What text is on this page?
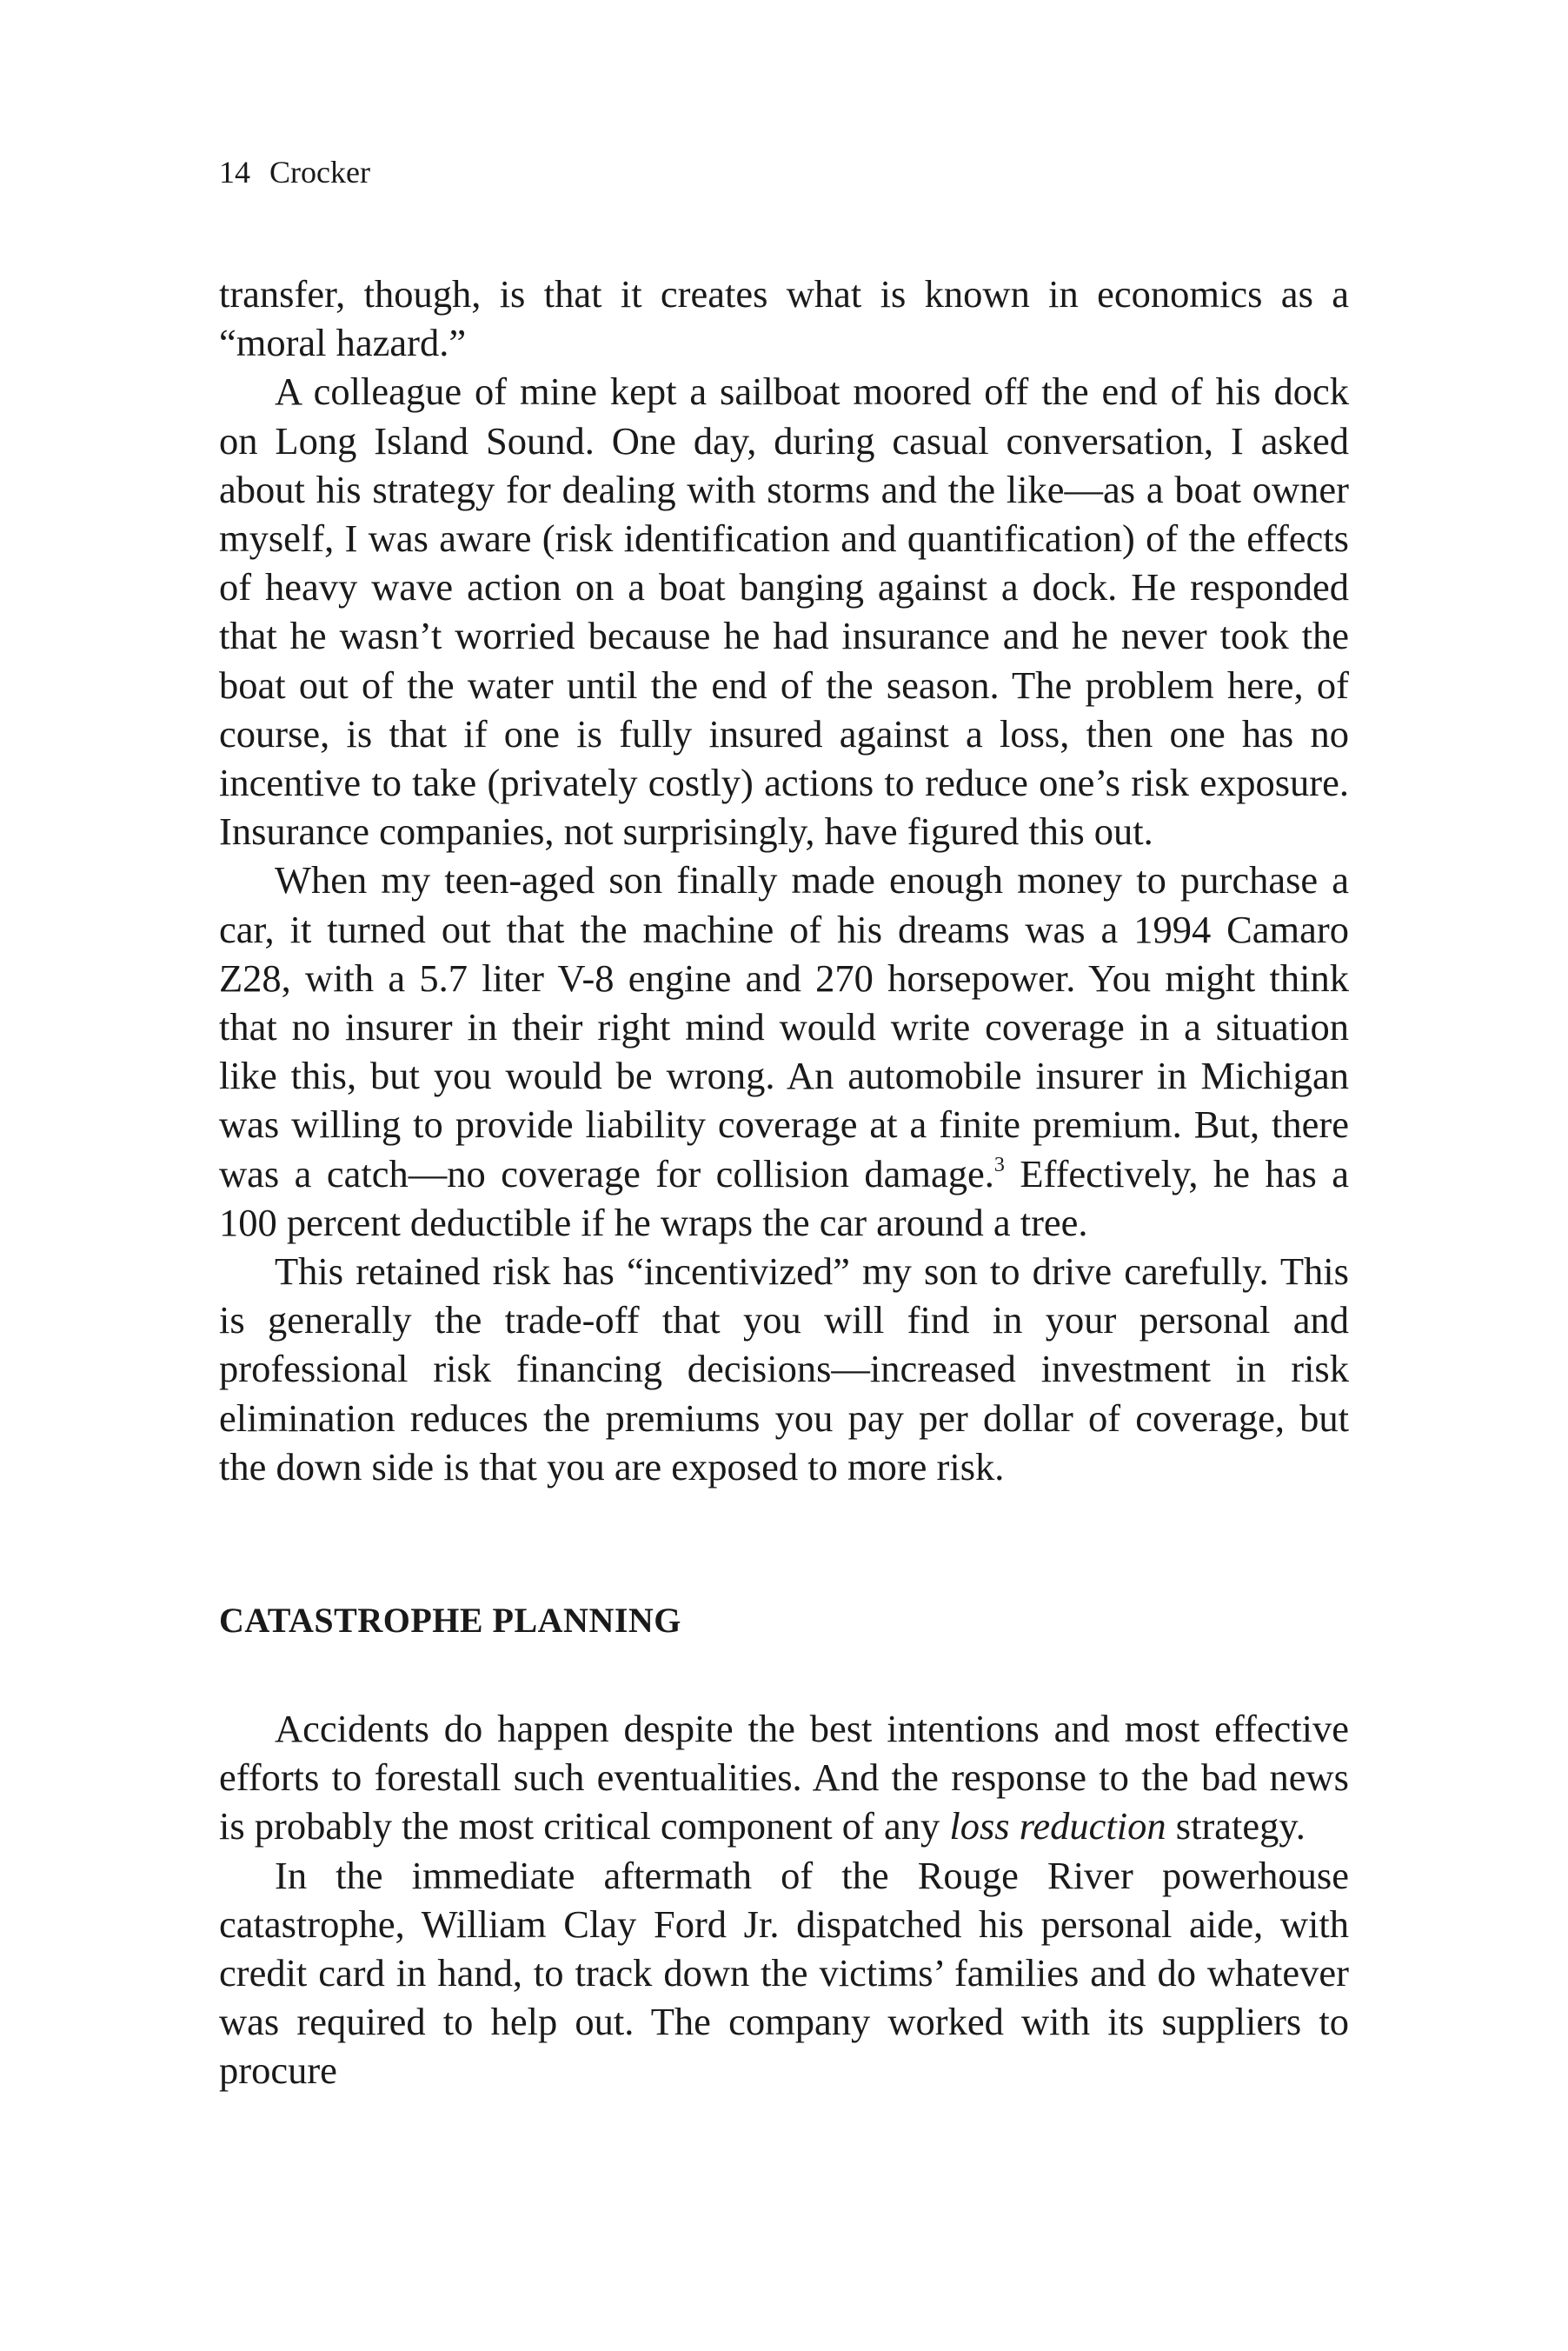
14 Crocker

transfer, though, is that it creates what is known in economics as a “moral hazard.”

A colleague of mine kept a sailboat moored off the end of his dock on Long Island Sound. One day, during casual conversation, I asked about his strategy for dealing with storms and the like—as a boat owner myself, I was aware (risk identification and quantification) of the effects of heavy wave action on a boat banging against a dock. He responded that he wasn’t worried because he had insurance and he never took the boat out of the water until the end of the season. The problem here, of course, is that if one is fully insured against a loss, then one has no incentive to take (privately costly) actions to reduce one’s risk exposure. Insurance companies, not surprisingly, have figured this out.

When my teen-aged son finally made enough money to purchase a car, it turned out that the machine of his dreams was a 1994 Camaro Z28, with a 5.7 liter V-8 engine and 270 horsepower. You might think that no insurer in their right mind would write coverage in a situation like this, but you would be wrong. An automobile insurer in Michigan was willing to provide liability coverage at a finite premium. But, there was a catch—no coverage for collision damage.$^3$ Effectively, he has a 100 percent deductible if he wraps the car around a tree.

This retained risk has “incentivized” my son to drive carefully. This is generally the trade-off that you will find in your personal and professional risk financing decisions—increased investment in risk elimination reduces the premiums you pay per dollar of coverage, but the down side is that you are exposed to more risk.

CATASTROPHE PLANNING

Accidents do happen despite the best intentions and most effective efforts to forestall such eventualities. And the response to the bad news is probably the most critical component of any loss reduction strategy.

In the immediate aftermath of the Rouge River powerhouse catastrophe, William Clay Ford Jr. dispatched his personal aide, with credit card in hand, to track down the victims’ families and do whatever was required to help out. The company worked with its suppliers to procure
